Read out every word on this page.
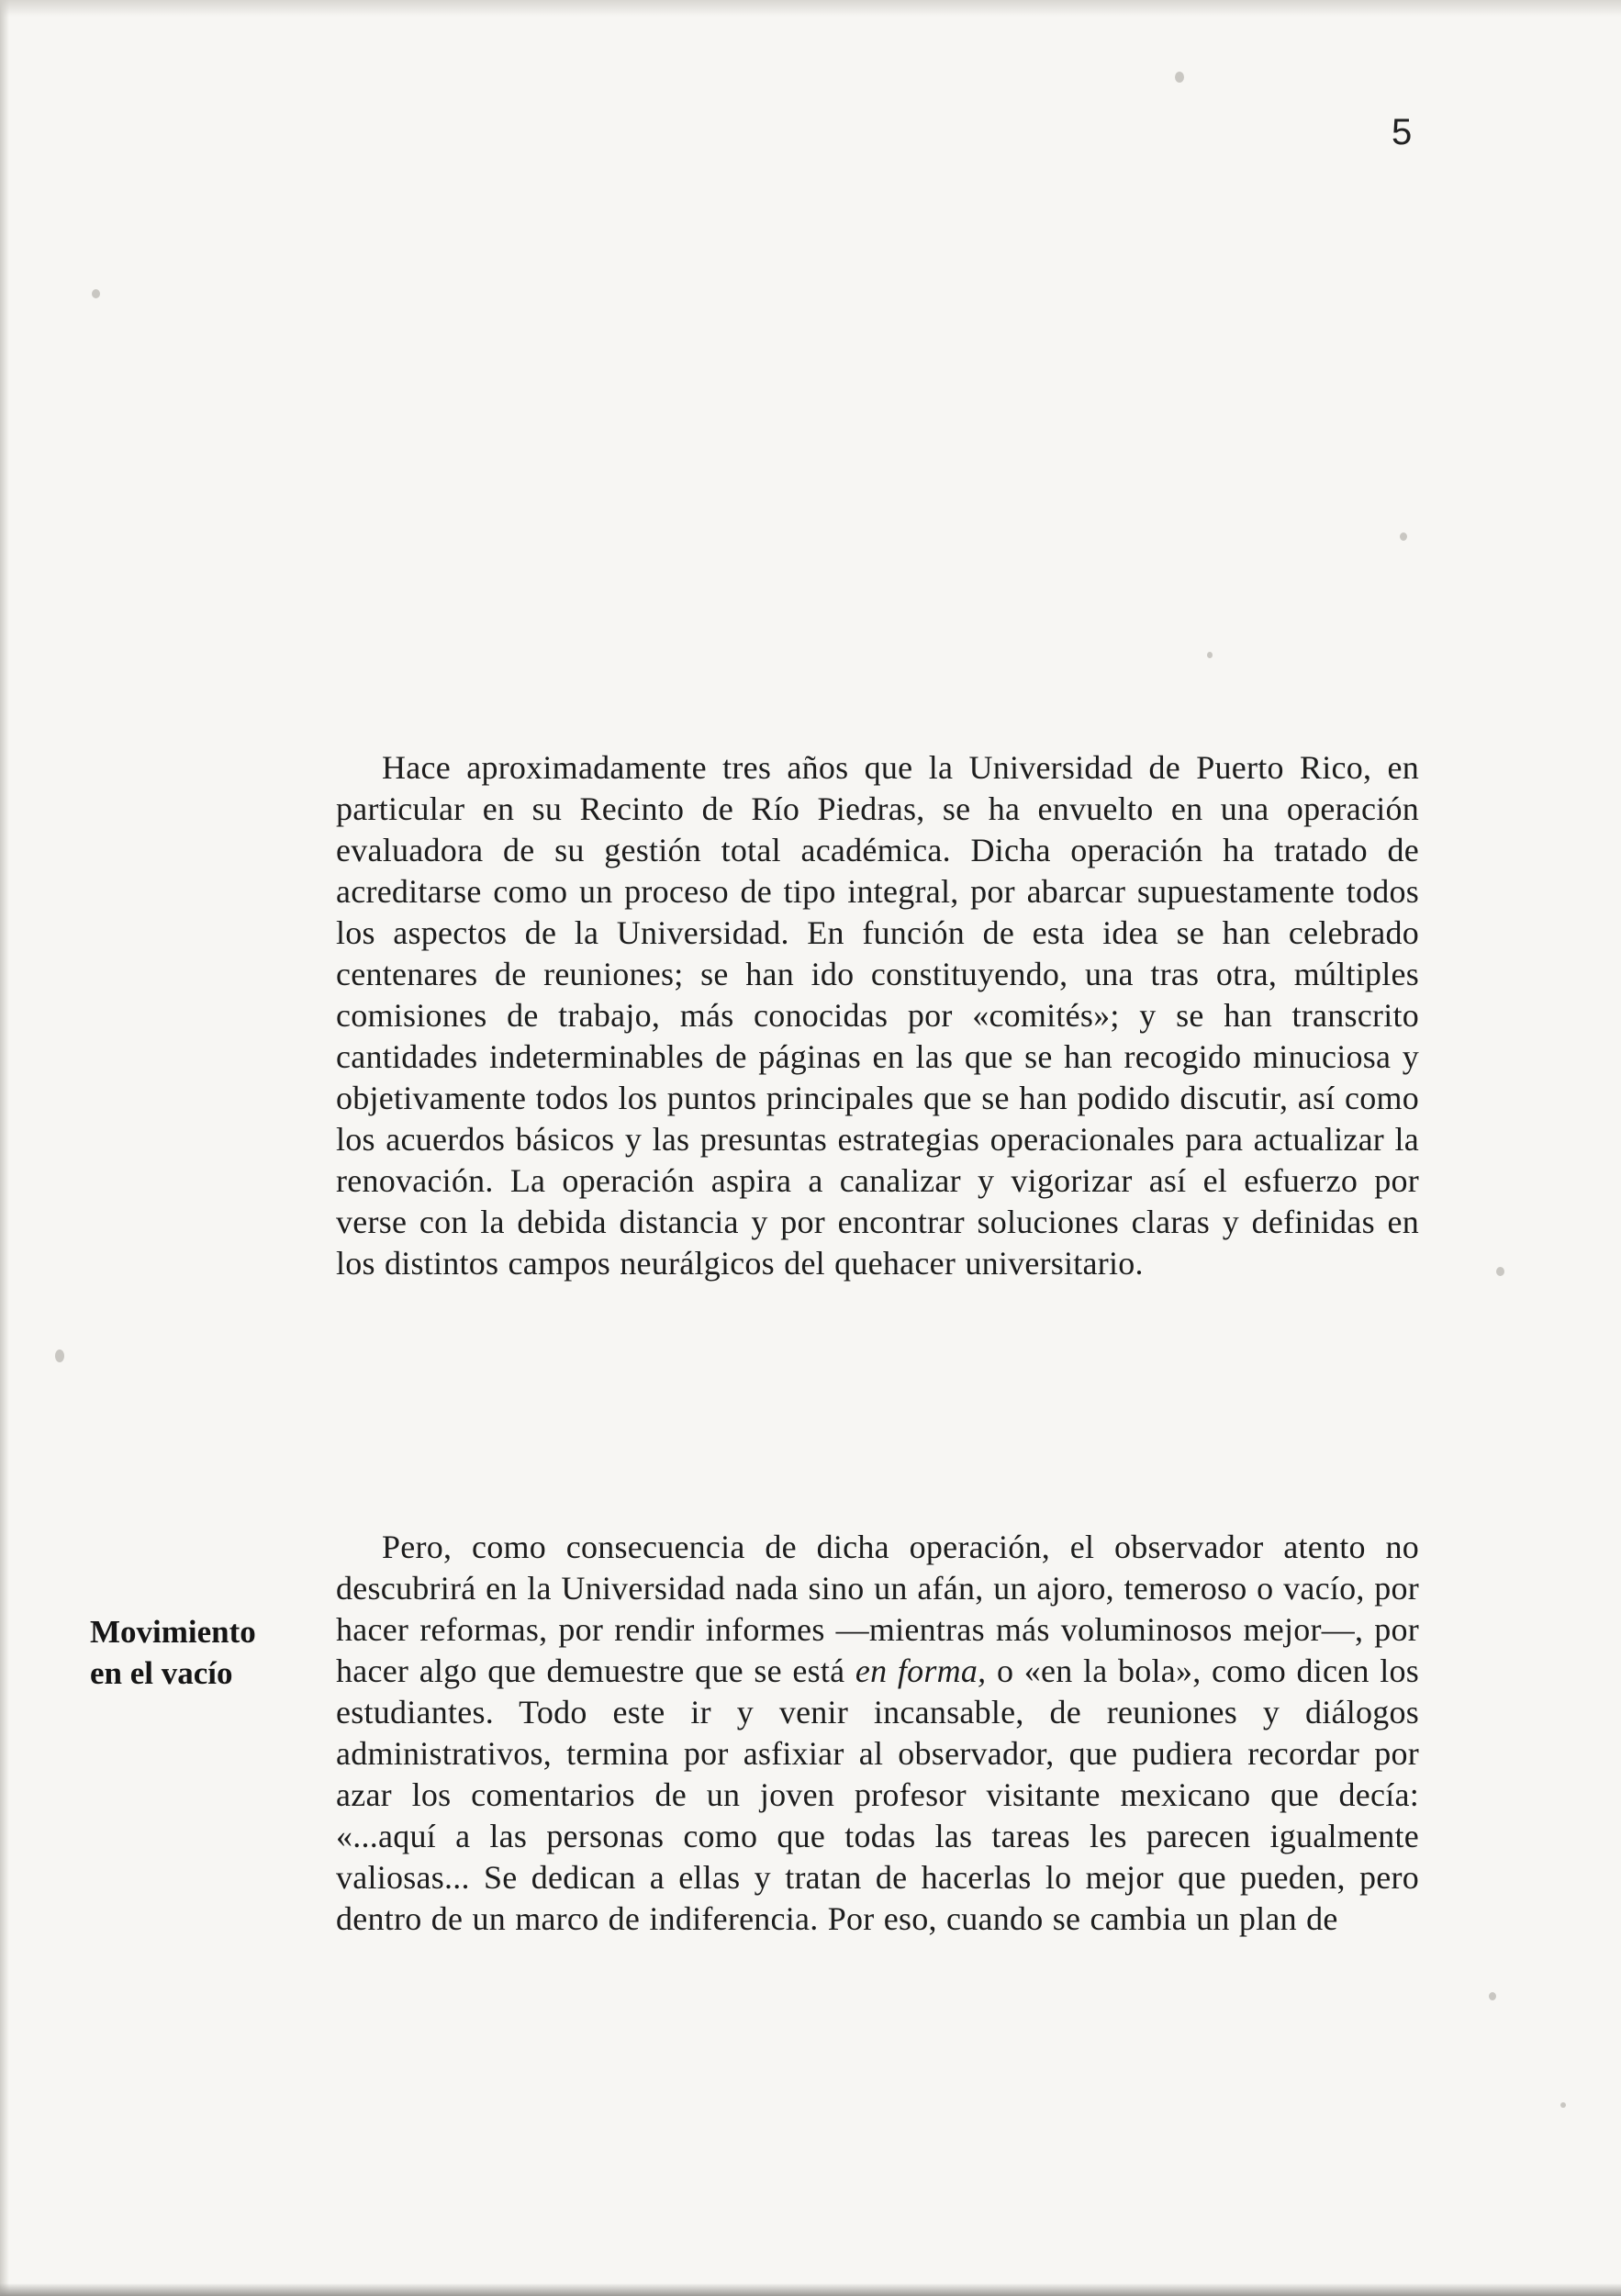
5

Hace aproximadamente tres años que la Universidad de Puerto Rico, en particular en su Recinto de Río Piedras, se ha envuelto en una operación evaluadora de su gestión total académica. Dicha operación ha tratado de acreditarse como un proceso de tipo integral, por abarcar supuestamente todos los aspectos de la Universidad. En función de esta idea se han celebrado centenares de reuniones; se han ido constituyendo, una tras otra, múltiples comisiones de trabajo, más conocidas por «comités»; y se han transcrito cantidades indeterminables de páginas en las que se han recogido minuciosa y objetivamente todos los puntos principales que se han podido discutir, así como los acuerdos básicos y las presuntas estrategias operacionales para actualizar la renovación. La operación aspira a canalizar y vigorizar así el esfuerzo por verse con la debida distancia y por encontrar soluciones claras y definidas en los distintos campos neurálgicos del quehacer universitario.

Movimiento
en el vacío

Pero, como consecuencia de dicha operación, el observador atento no descubrirá en la Universidad nada sino un afán, un ajoro, temeroso o vacío, por hacer reformas, por rendir informes —mientras más voluminosos mejor—, por hacer algo que demuestre que se está en forma, o «en la bola», como dicen los estudiantes. Todo este ir y venir incansable, de reuniones y diálogos administrativos, termina por asfixiar al observador, que pudiera recordar por azar los comentarios de un joven profesor visitante mexicano que decía: «...aquí a las personas como que todas las tareas les parecen igualmente valiosas... Se dedican a ellas y tratan de hacerlas lo mejor que pueden, pero dentro de un marco de indiferencia. Por eso, cuando se cambia un plan de
